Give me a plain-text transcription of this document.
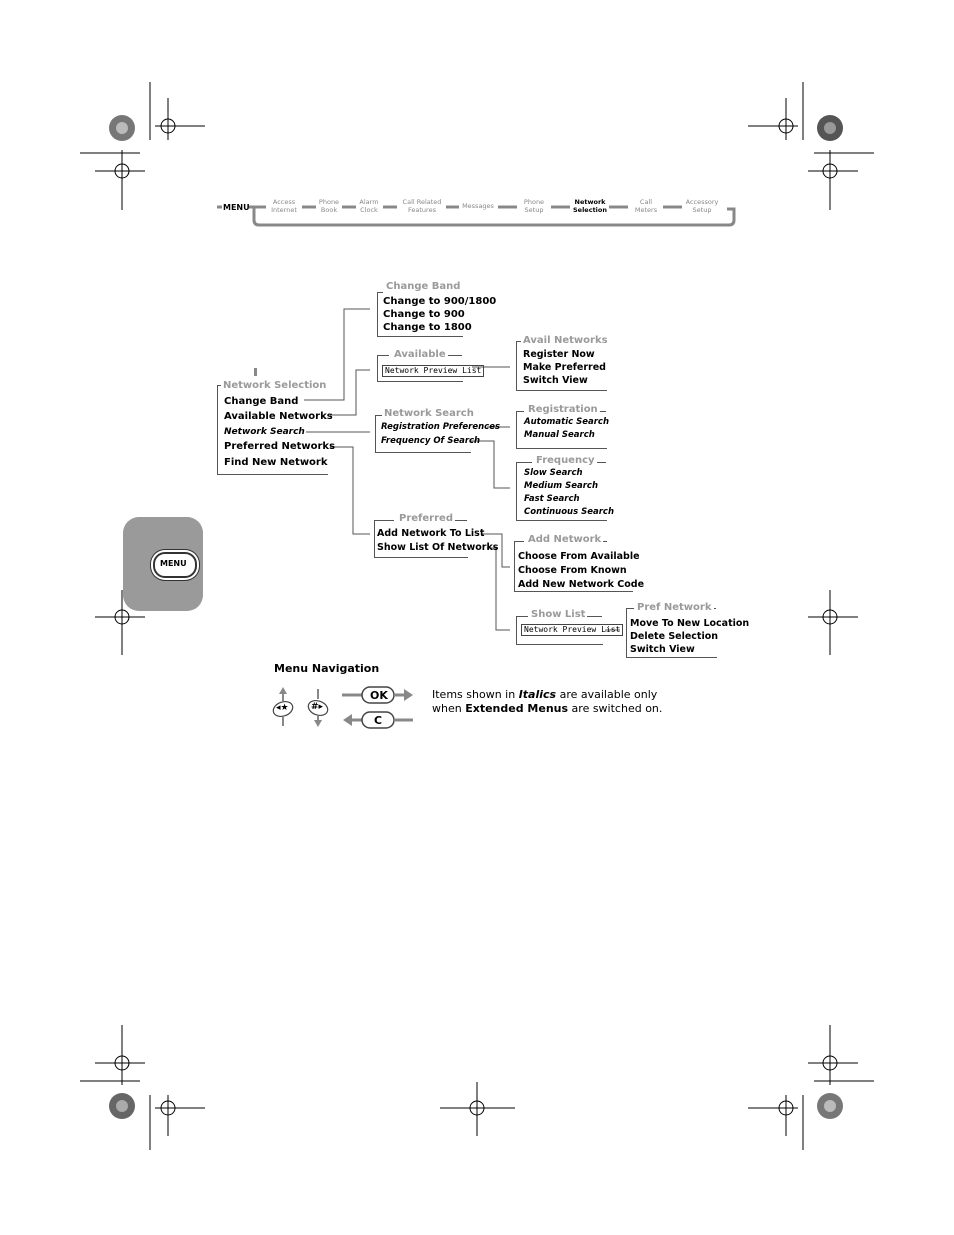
MENU
Access
Internet
Phone
Book
Alarm
Clock
Call Related
Features	Messages	Phone
Setup
Network
Selection
Call
Meters
Accessory
Setup
MENU
Network Selection
Change Band
Available Networks
Network Search
Preferred Networks
Find New Network
Change Band
Change to 900/1800
Change to 900
Change to 1800
Available
Network Preview List
Avail Networks
Register Now
Make Preferred
Switch View
Network Search
Registration Preferences
Frequency Of Search
Registration
Automatic Search
Manual Search
Frequency
Slow Search
Medium Search
Fast Search
Continuous Search
Preferred
Add Network To List
Show List Of Networks
Add Network
Choose From Available
Choose From Known
Add New Network Code
Show List
Network Preview List
Pref Network
Move To New Location
Delete Selection
Switch View
Menu Navigation
◂★ #▸
OK
C
Items shown in Italics are available only
when Extended Menus are switched on.
